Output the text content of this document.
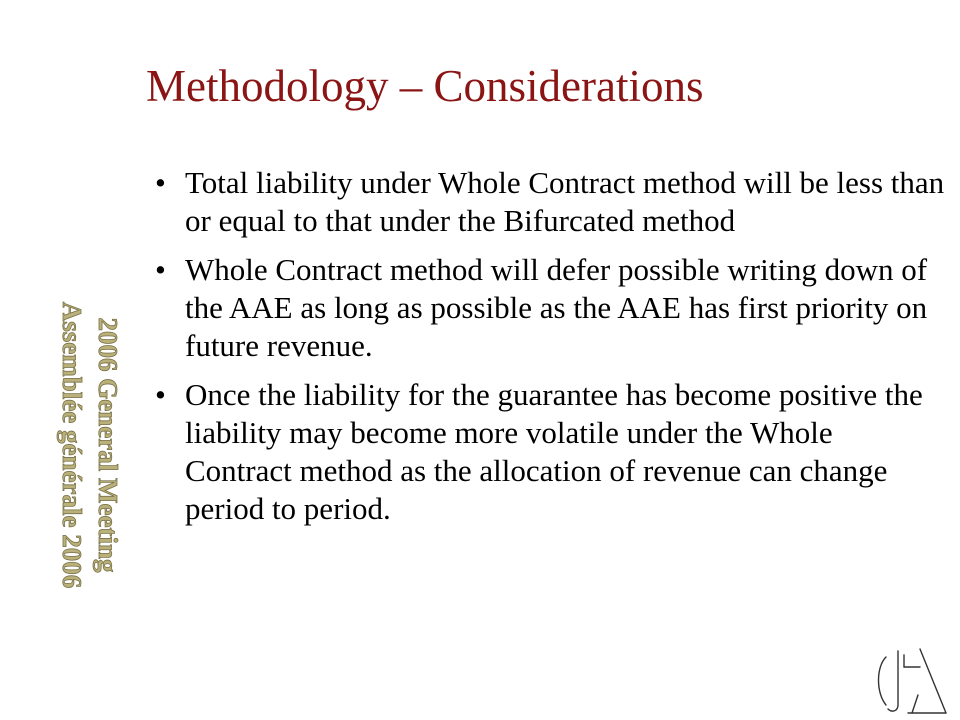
Methodology – Considerations
• Total liability under Whole Contract method will be less than or equal to that under the Bifurcated method
• Whole Contract method will defer possible writing down of the AAE as long as possible as the AAE has first priority on future revenue.
• Once the liability for the guarantee has become positive the liability may become more volatile under the Whole Contract method as the allocation of revenue can change period to period.
2006 General Meeting
Assemblée générale 2006
